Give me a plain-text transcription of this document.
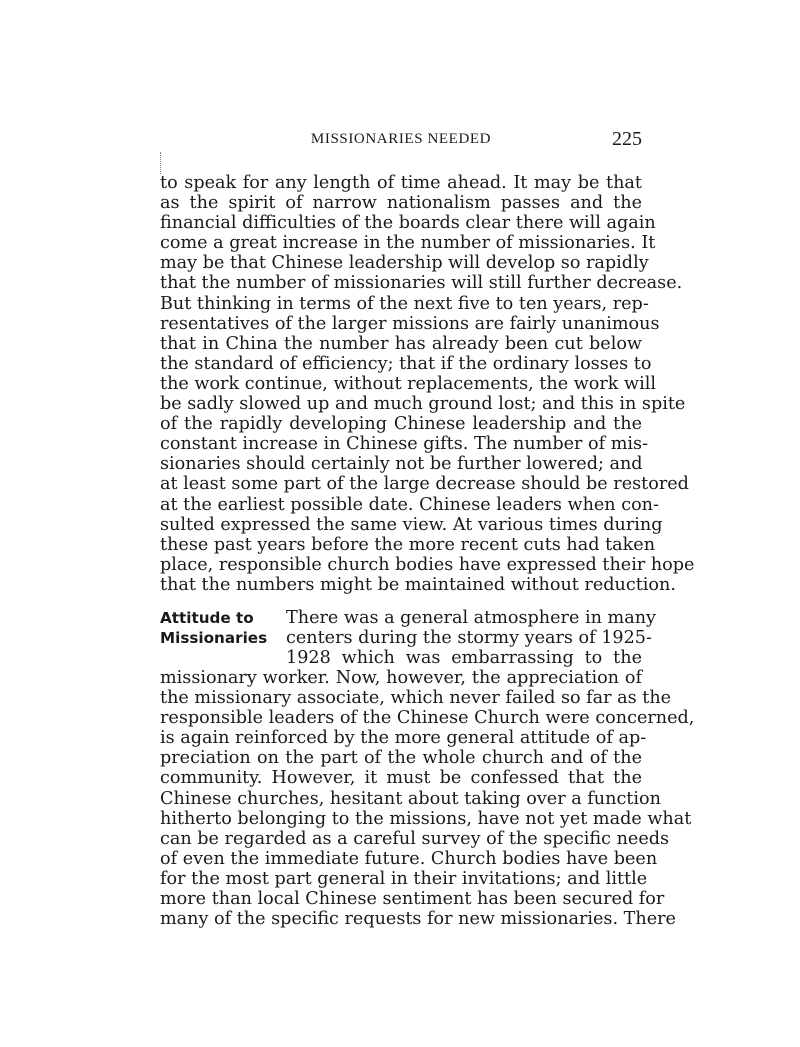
MISSIONARIES NEEDED	225
to speak for any length of time ahead. It may be that
as the spirit of narrow nationalism passes and the
financial difficulties of the boards clear there will again
come a great increase in the number of missionaries. It
may be that Chinese leadership will develop so rapidly
that the number of missionaries will still further decrease.
But thinking in terms of the next five to ten years, rep-
resentatives of the larger missions are fairly unanimous
that in China the number has already been cut below
the standard of efficiency; that if the ordinary losses to
the work continue, without replacements, the work will
be sadly slowed up and much ground lost; and this in spite
of the rapidly developing Chinese leadership and the
constant increase in Chinese gifts. The number of mis-
sionaries should certainly not be further lowered; and
at least some part of the large decrease should be restored
at the earliest possible date. Chinese leaders when con-
sulted expressed the same view. At various times during
these past years before the more recent cuts had taken
place, responsible church bodies have expressed their hope
that the numbers might be maintained without reduction.
Attitude to
Missionaries
There was a general atmosphere in many
centers during the stormy years of 1925-
1928 which was embarrassing to the
missionary worker. Now, however, the appreciation of
the missionary associate, which never failed so far as the
responsible leaders of the Chinese Church were concerned,
is again reinforced by the more general attitude of ap-
preciation on the part of the whole church and of the
community. However, it must be confessed that the
Chinese churches, hesitant about taking over a function
hitherto belonging to the missions, have not yet made what
can be regarded as a careful survey of the specific needs
of even the immediate future. Church bodies have been
for the most part general in their invitations; and little
more than local Chinese sentiment has been secured for
many of the specific requests for new missionaries. There
